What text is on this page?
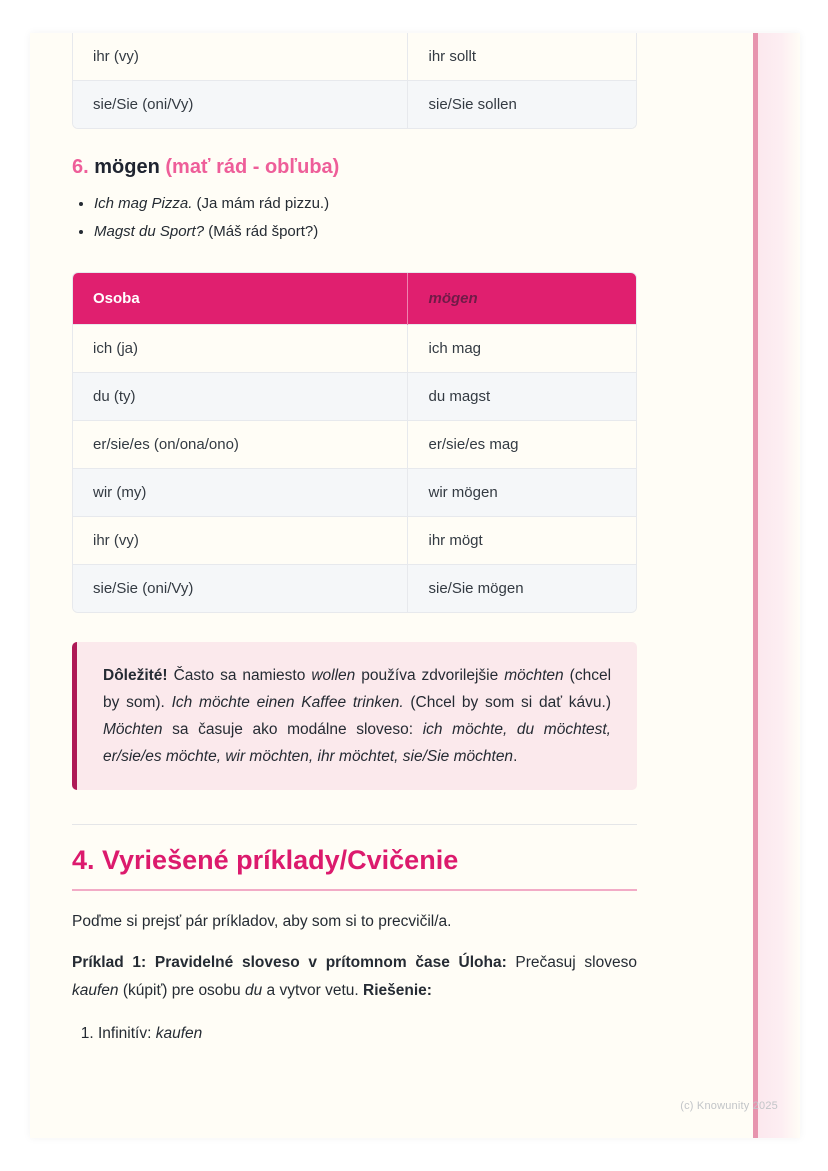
ihr (vy)	ihr sollt
sie/Sie (oni/Vy)	sie/Sie sollen
6. mögen (mať rád - obľuba)
• Ich mag Pizza. (Ja mám rád pizzu.)
• Magst du Sport? (Máš rád šport?)
Osoba	mögen
ich (ja)	ich mag
du (ty)	du magst
er/sie/es (on/ona/ono)	er/sie/es mag
wir (my)	wir mögen
ihr (vy)	ihr mögt
sie/Sie (oni/Vy)	sie/Sie mögen
Dôležité! Často sa namiesto wollen používa zdvorilejšie möchten (chcel by som). Ich möchte einen Kaffee trinken. (Chcel by som si dať kávu.) Möchten sa časuje ako modálne sloveso: ich möchte, du möchtest, er/sie/es möchte, wir möchten, ihr möchtet, sie/Sie möchten.
4. Vyriešené príklady/Cvičenie

Poďme si prejsť pár príkladov, aby som si to precvičil/a.

Príklad 1: Pravidelné sloveso v prítomnom čase Úloha: Prečasuj sloveso kaufen (kúpiť) pre osobu du a vytvor vetu. Riešenie:

1. Infinitív: kaufen
(c) Knowunity 2025
